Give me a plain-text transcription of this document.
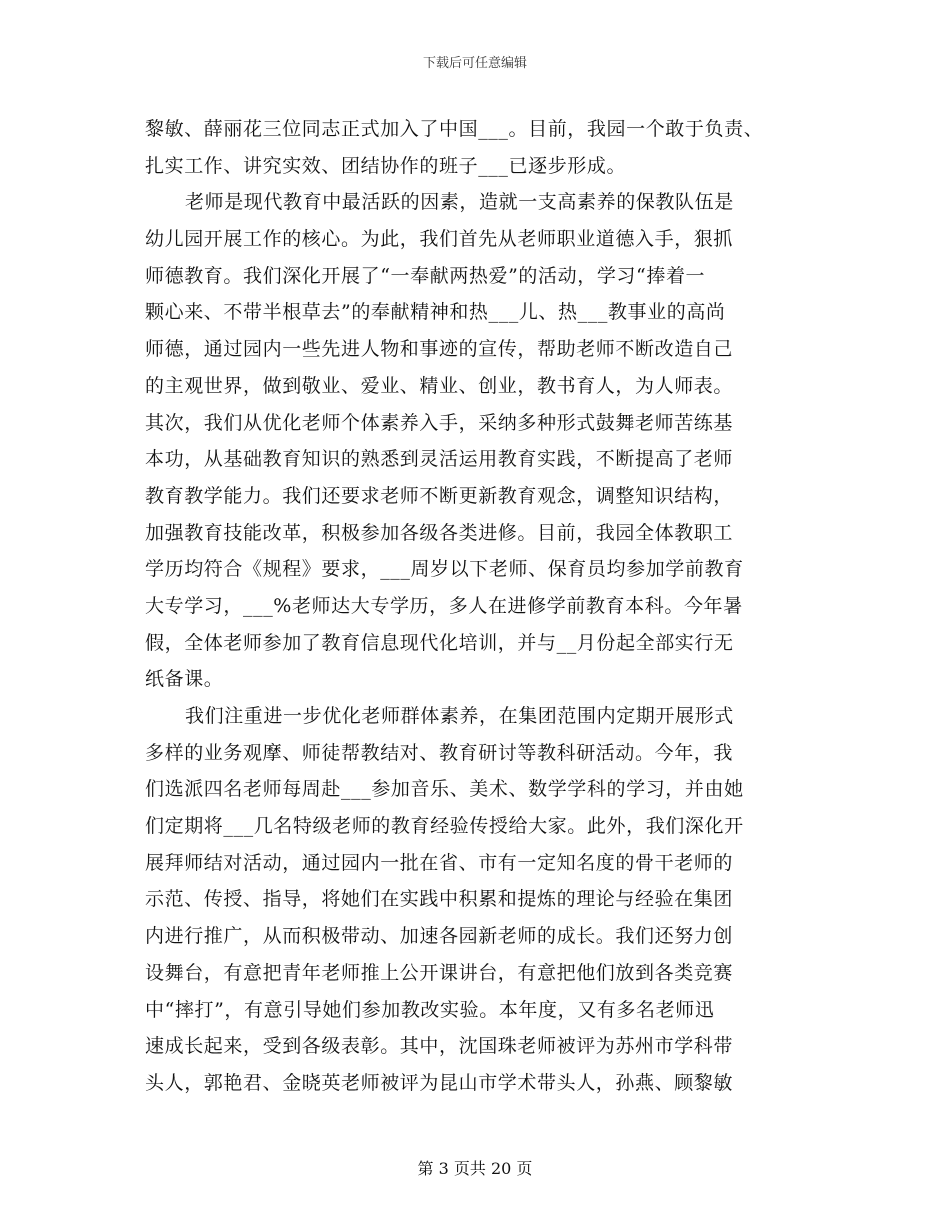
下载后可任意编辑
黎敏、薛丽花三位同志正式加入了中国___。目前，我园一个敢于负责、
扎实工作、讲究实效、团结协作的班子___已逐步形成。
老师是现代教育中最活跃的因素，造就一支高素养的保教队伍是
幼儿园开展工作的核心。为此，我们首先从老师职业道德入手，狠抓
师德教育。我们深化开展了“一奉献两热爱”的活动，学习“捧着一
颗心来、不带半根草去”的奉献精神和热___儿、热___教事业的高尚
师德，通过园内一些先进人物和事迹的宣传，帮助老师不断改造自己
的主观世界，做到敬业、爱业、精业、创业，教书育人，为人师表。
其次，我们从优化老师个体素养入手，采纳多种形式鼓舞老师苦练基
本功，从基础教育知识的熟悉到灵活运用教育实践，不断提高了老师
教育教学能力。我们还要求老师不断更新教育观念，调整知识结构，
加强教育技能改革，积极参加各级各类进修。目前，我园全体教职工
学历均符合《规程》要求，___周岁以下老师、保育员均参加学前教育
大专学习，___%老师达大专学历，多人在进修学前教育本科。今年暑
假，全体老师参加了教育信息现代化培训，并与__月份起全部实行无
纸备课。
我们注重进一步优化老师群体素养，在集团范围内定期开展形式
多样的业务观摩、师徒帮教结对、教育研讨等教科研活动。今年，我
们选派四名老师每周赴___参加音乐、美术、数学学科的学习，并由她
们定期将___几名特级老师的教育经验传授给大家。此外，我们深化开
展拜师结对活动，通过园内一批在省、市有一定知名度的骨干老师的
示范、传授、指导，将她们在实践中积累和提炼的理论与经验在集团
内进行推广，从而积极带动、加速各园新老师的成长。我们还努力创
设舞台，有意把青年老师推上公开课讲台，有意把他们放到各类竞赛
中“摔打”，有意引导她们参加教改实验。本年度，又有多名老师迅
速成长起来，受到各级表彰。其中，沈国珠老师被评为苏州市学科带
头人，郭艳君、金晓英老师被评为昆山市学术带头人，孙燕、顾黎敏
第 3 页共 20 页
